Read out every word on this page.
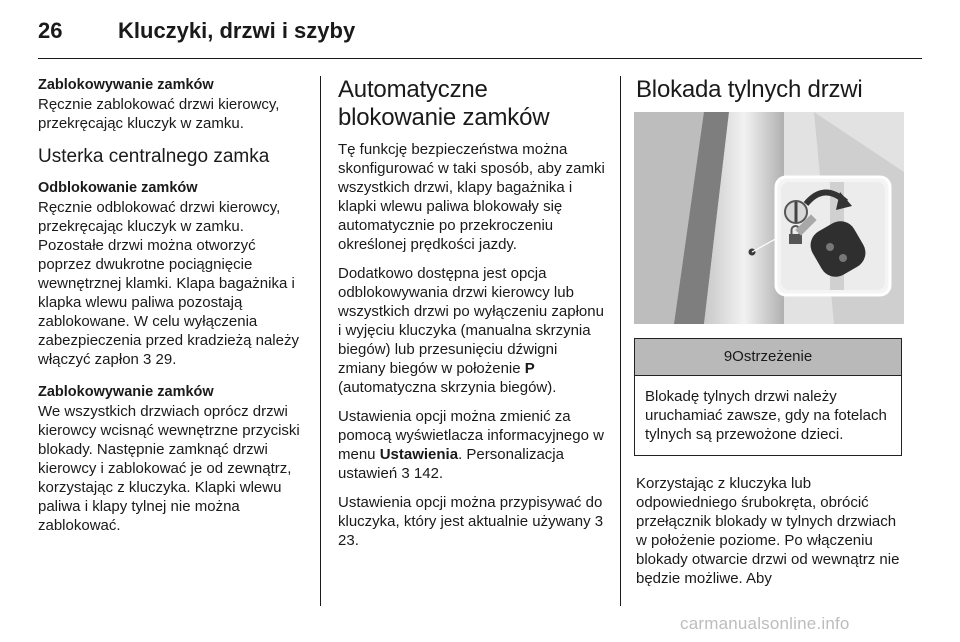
26	Kluczyki, drzwi i szyby
Zablokowywanie zamków

Ręcznie zablokować drzwi kierowcy, przekręcając kluczyk w zamku.

Usterka centralnego zamka
Odblokowanie zamków

Ręcznie odblokować drzwi kierowcy, przekręcając kluczyk w zamku. Pozostałe drzwi można otworzyć poprzez dwukrotne pociągnięcie wewnętrznej klamki. Klapa bagażnika i klapka wlewu paliwa pozostają zablokowane. W celu wyłączenia zabezpieczenia przed kradzieżą należy włączyć zapłon 3 29.

Zablokowywanie zamków

We wszystkich drzwiach oprócz drzwi kierowcy wcisnąć wewnętrzne przyciski blokady. Następnie zamknąć drzwi kierowcy i zablokować je od zewnątrz, korzystając z kluczyka. Klapki wlewu paliwa i klapy tylnej nie można zablokować.

Automatyczne blokowanie zamków

Tę funkcję bezpieczeństwa można skonfigurować w taki sposób, aby zamki wszystkich drzwi, klapy bagażnika i klapki wlewu paliwa blokowały się automatycznie po przekroczeniu określonej prędkości jazdy.

Dodatkowo dostępna jest opcja odblokowywania drzwi kierowcy lub wszystkich drzwi po wyłączeniu zapłonu i wyjęciu kluczyka (manualna skrzynia biegów) lub przesunięciu dźwigni zmiany biegów w położenie P (automatyczna skrzynia biegów).

Ustawienia opcji można zmienić za pomocą wyświetlacza informacyjnego w menu Ustawienia. Personalizacja ustawień 3 142.

Ustawienia opcji można przypisywać do kluczyka, który jest aktualnie używany 3 23.

Blokada tylnych drzwi
9Ostrzeżenie
Blokadę tylnych drzwi należy uruchamiać zawsze, gdy na fotelach tylnych są przewożone dzieci.

Korzystając z kluczyka lub odpowiedniego śrubokręta, obrócić przełącznik blokady w tylnych drzwiach w położenie poziome. Po włączeniu blokady otwarcie drzwi od wewnątrz nie będzie możliwe. Aby

carmanualsonline.info
